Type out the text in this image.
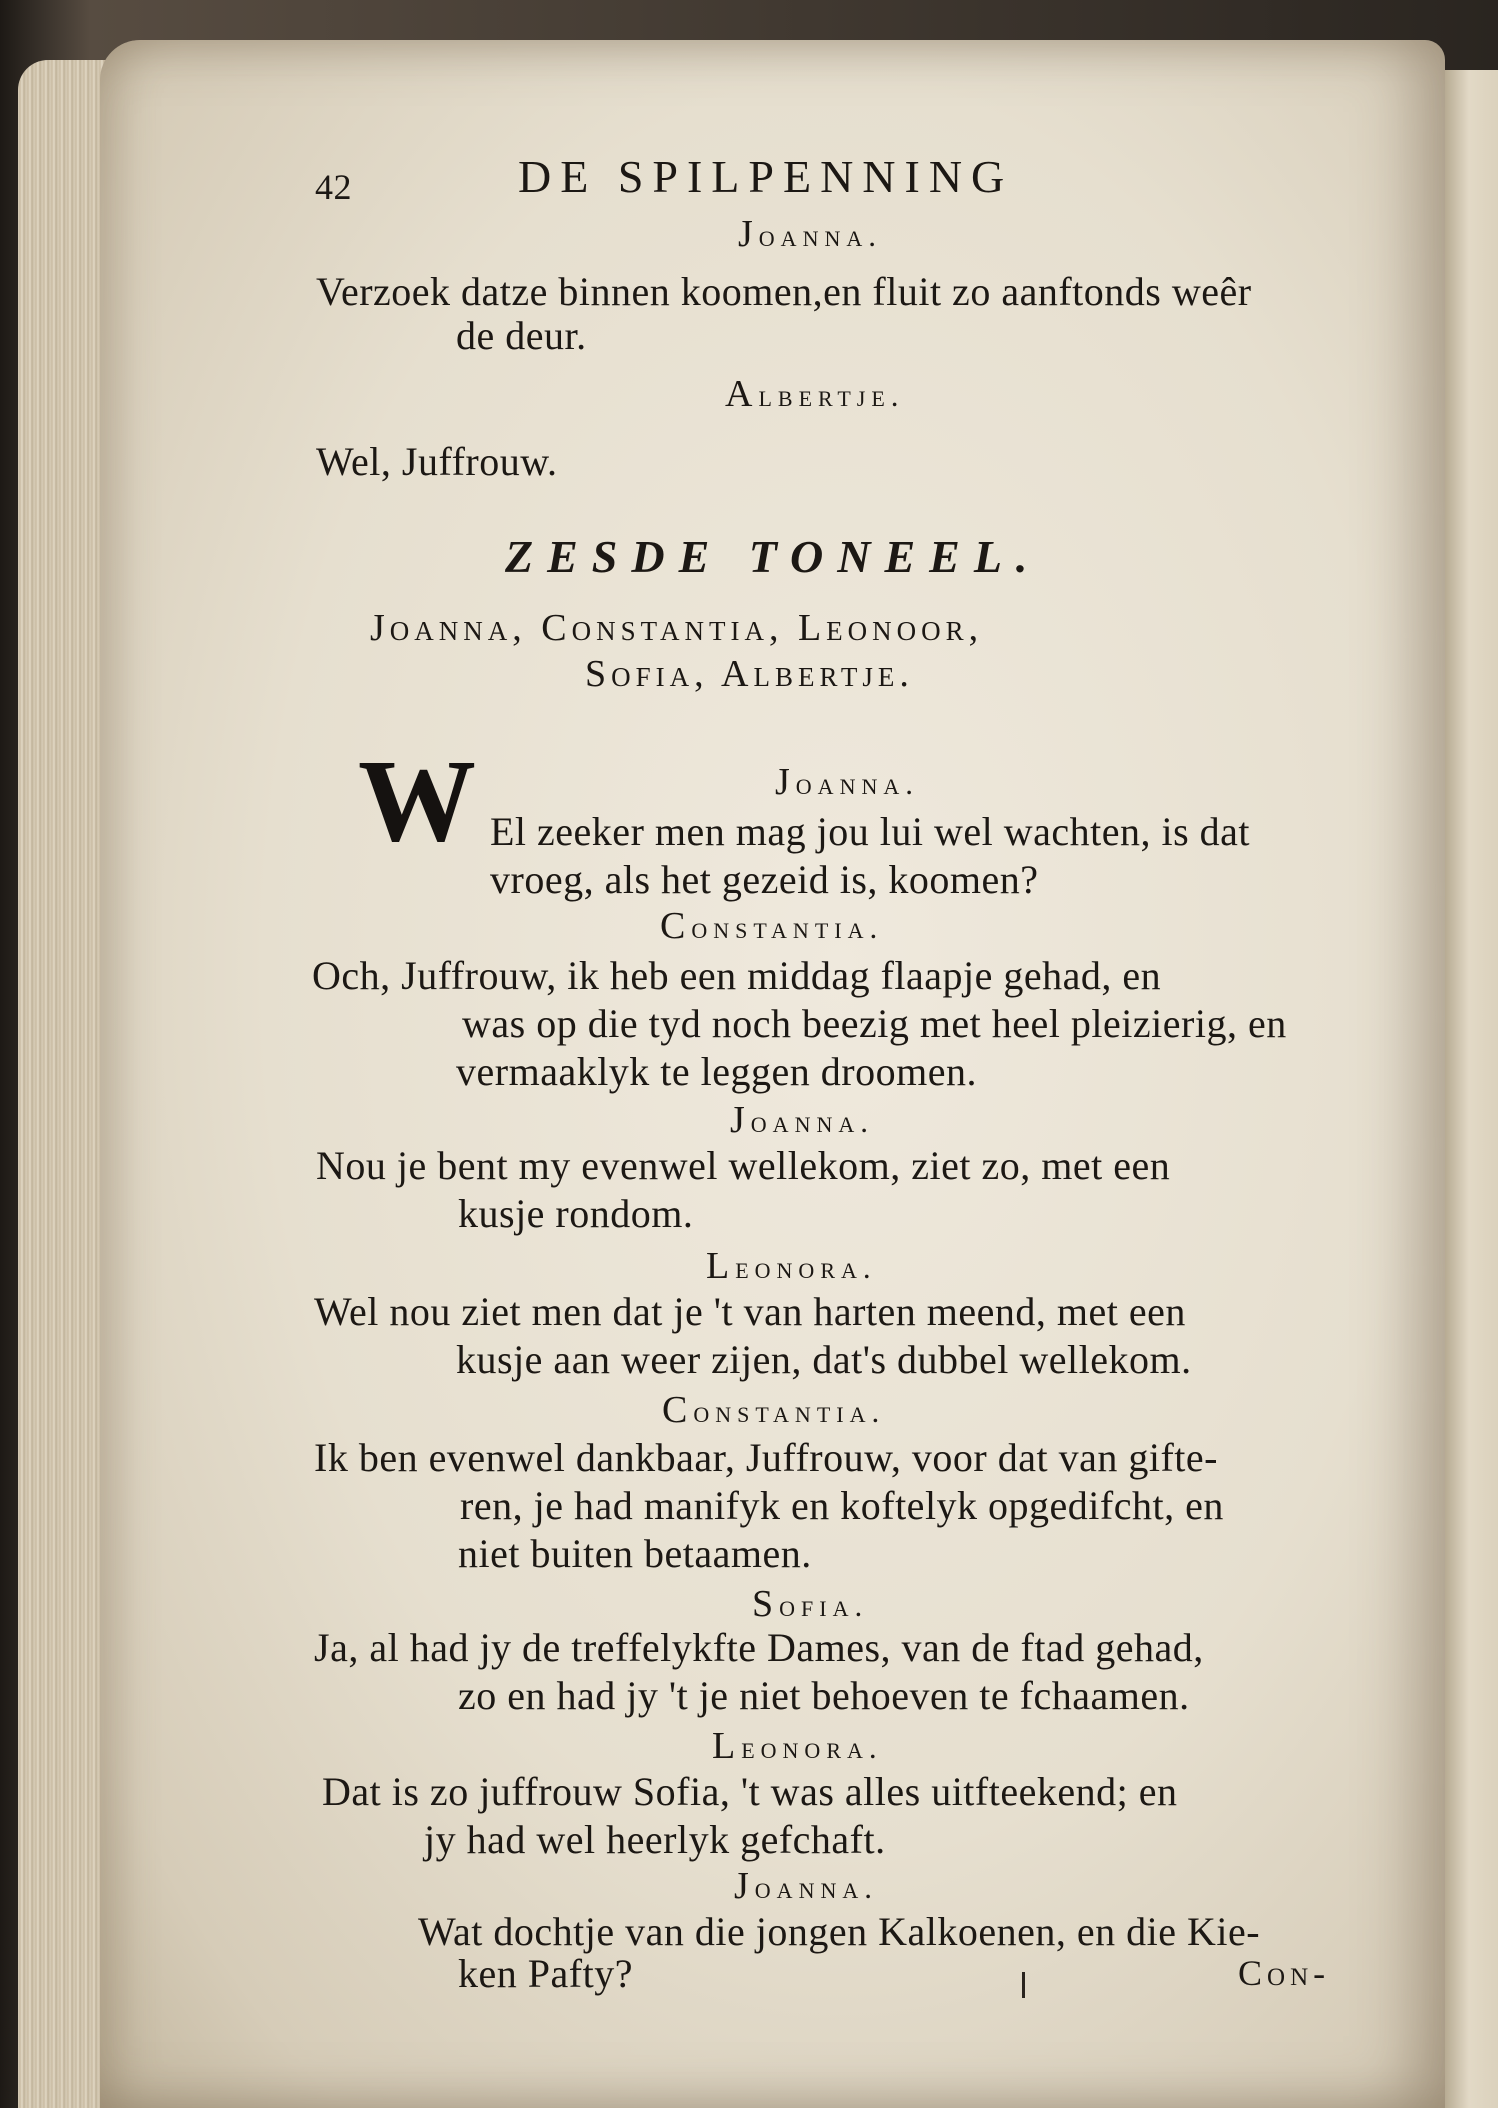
42	DE SPILPENNING
Joanna.
Verzoek datze binnen koomen,en fluit zo aanftonds weêr
de deur.
Albertje.
Wel, Juffrouw.
ZESDE TONEEL.
Joanna, Constantia, Leonoor,
Sofia, Albertje.
W	Joanna.
El zeeker men mag jou lui wel wachten, is dat
vroeg, als het gezeid is, koomen?
Constantia.
Och, Juffrouw, ik heb een middag flaapje gehad, en
was op die tyd noch beezig met heel pleizierig, en
vermaaklyk te leggen droomen.
Joanna.
Nou je bent my evenwel wellekom, ziet zo, met een
kusje rondom.
Leonora.
Wel nou ziet men dat je 't van harten meend, met een
kusje aan weer zijen, dat's dubbel wellekom.
Constantia.
Ik ben evenwel dankbaar, Juffrouw, voor dat van gifte-
ren, je had manifyk en koftelyk opgedifcht, en
niet buiten betaamen.
Sofia.
Ja, al had jy de treffelykfte Dames, van de ftad gehad,
zo en had jy 't je niet behoeven te fchaamen.
Leonora.
Dat is zo juffrouw Sofia, 't was alles uitfteekend; en
jy had wel heerlyk gefchaft.
Joanna.
Wat dochtje van die jongen Kalkoenen, en die Kie-
ken Pafty?	Con-
